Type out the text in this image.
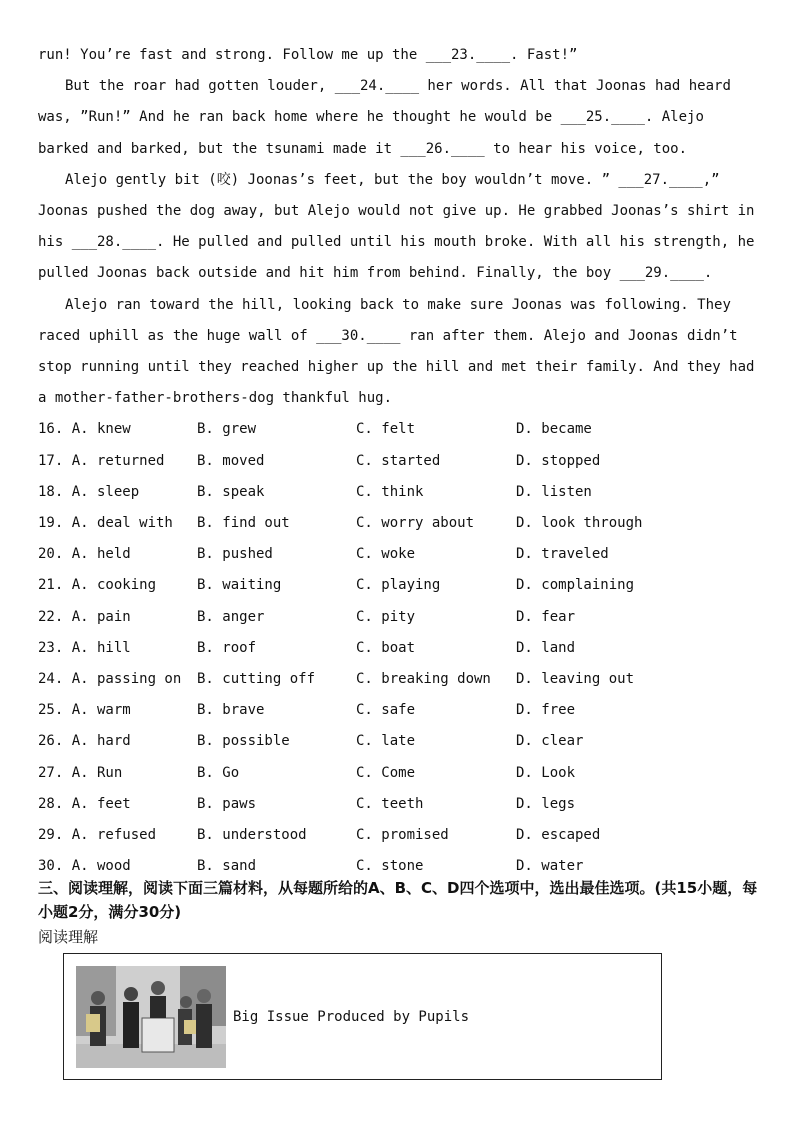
run! You’re fast and strong. Follow me up the ___23.____. Fast!”

But the roar had gotten louder, ___24.____ her words. All that Joonas had heard was, ”Run!” And he ran back home where he thought he would be ___25.____. Alejo barked and barked, but the tsunami made it ___26.____ to hear his voice, too.

Alejo gently bit (咬) Joonas’s feet, but the boy wouldn’t move. ” ___27.____,” Joonas pushed the dog away, but Alejo would not give up. He grabbed Joonas’s shirt in his ___28.____. He pulled and pulled until his mouth broke. With all his strength, he pulled Joonas back outside and hit him from behind. Finally, the boy ___29.____.

Alejo ran toward the hill, looking back to make sure Joonas was following. They raced uphill as the huge wall of ___30.____ ran after them. Alejo and Joonas didn’t stop running until they reached higher up the hill and met their family. And they had a mother-father-brothers-dog thankful hug.

16. A. knew	B. grew	C. felt	D. became
17. A. returned B. moved	C. started	D. stopped
18. A. sleep	B. speak	C. think	D. listen
19. A. deal with B. find out	C. worry about	D. look through
20. A. held	B. pushed	C. woke	D. traveled
21. A. cooking	B. waiting	C. playing	D. complaining
22. A. pain	B. anger	C. pity	D. fear
23. A. hill	B. roof	C. boat	D. land
24. A. passing on B. cutting off	C. breaking down D. leaving out
25. A. warm	B. brave	C. safe	D. free
26. A. hard	B. possible	C. late	D. clear
27. A. Run	B. Go	C. Come	D. Look
28. A. feet	B. paws	C. teeth	D. legs
29. A. refused	B. understood	C. promised	D. escaped
30. A. wood	B. sand	C. stone	D. water
三、阅读理解，阅读下面三篇材料，从每题所给的A、B、C、D四个选项中，选出最佳选项。(共15小题，每小题2分，满分30分)
阅读理解
Big Issue Produced by Pupils
